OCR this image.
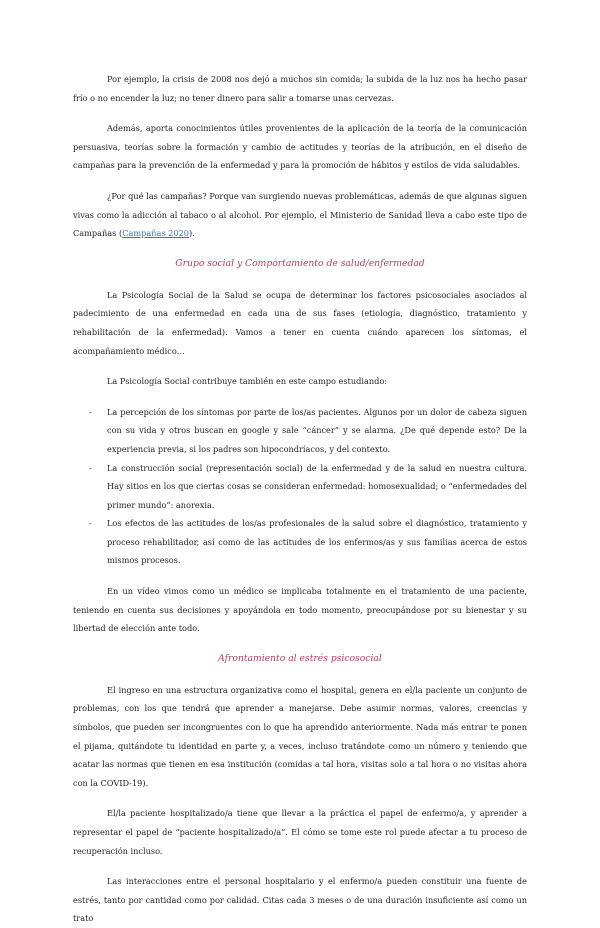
Por ejemplo, la crisis de 2008 nos dejó a muchos sin comida; la subida de la luz nos ha hecho pasar frío o no encender la luz; no tener dinero para salir a tomarse unas cervezas.

Además, aporta conocimientos útiles provenientes de la aplicación de la teoría de la comunicación persuasiva, teorías sobre la formación y cambio de actitudes y teorías de la atribución, en el diseño de campañas para la prevención de la enfermedad y para la promoción de hábitos y estilos de vida saludables.

¿Por qué las campañas? Porque van surgiendo nuevas problemáticas, además de que algunas siguen vivas como la adicción al tabaco o al alcohol. Por ejemplo, el Ministerio de Sanidad lleva a cabo este tipo de Campañas (Campañas 2020).

Grupo social y Comportamiento de salud/enfermedad

La Psicología Social de la Salud se ocupa de determinar los factores psicosociales asociados al padecimiento de una enfermedad en cada una de sus fases (etiología, diagnóstico, tratamiento y rehabilitación de la enfermedad). Vamos a tener en cuenta cuándo aparecen los síntomas, el acompañamiento médico…

La Psicología Social contribuye también en este campo estudiando:

- La percepción de los síntomas por parte de los/as pacientes. Algunos por un dolor de cabeza siguen con su vida y otros buscan en google y sale “cáncer” y se alarma. ¿De qué depende esto? De la experiencia previa, si los padres son hipocondríacos, y del contexto.
- La construcción social (representación social) de la enfermedad y de la salud en nuestra cultura. Hay sitios en los que ciertas cosas se consideran enfermedad: homosexualidad; o “enfermedades del primer mundo”: anorexia.
- Los efectos de las actitudes de los/as profesionales de la salud sobre el diagnóstico, tratamiento y proceso rehabilitador, así como de las actitudes de los enfermos/as y sus familias acerca de estos mismos procesos.

En un vídeo vimos como un médico se implicaba totalmente en el tratamiento de una paciente, teniendo en cuenta sus decisiones y apoyándola en todo momento, preocupándose por su bienestar y su libertad de elección ante todo.

Afrontamiento al estrés psicosocial

El ingreso en una estructura organizativa como el hospital, genera en el/la paciente un conjunto de problemas, con los que tendrá que aprender a manejarse. Debe asumir normas, valores, creencias y símbolos, que pueden ser incongruentes con lo que ha aprendido anteriormente. Nada más entrar te ponen el pijama, quitándote tu identidad en parte y, a veces, incluso tratándote como un número y teniendo que acatar las normas que tienen en esa institución (comidas a tal hora, visitas solo a tal hora o no visitas ahora con la COVID-19).

El/la paciente hospitalizado/a tiene que llevar a la práctica el papel de enfermo/a, y aprender a representar el papel de “paciente hospitalizado/a”. El cómo se tome este rol puede afectar a tu proceso de recuperación incluso.

Las interacciones entre el personal hospitalario y el enfermo/a pueden constituir una fuente de estrés, tanto por cantidad como por calidad. Citas cada 3 meses o de una duración insuficiente así como un trato
